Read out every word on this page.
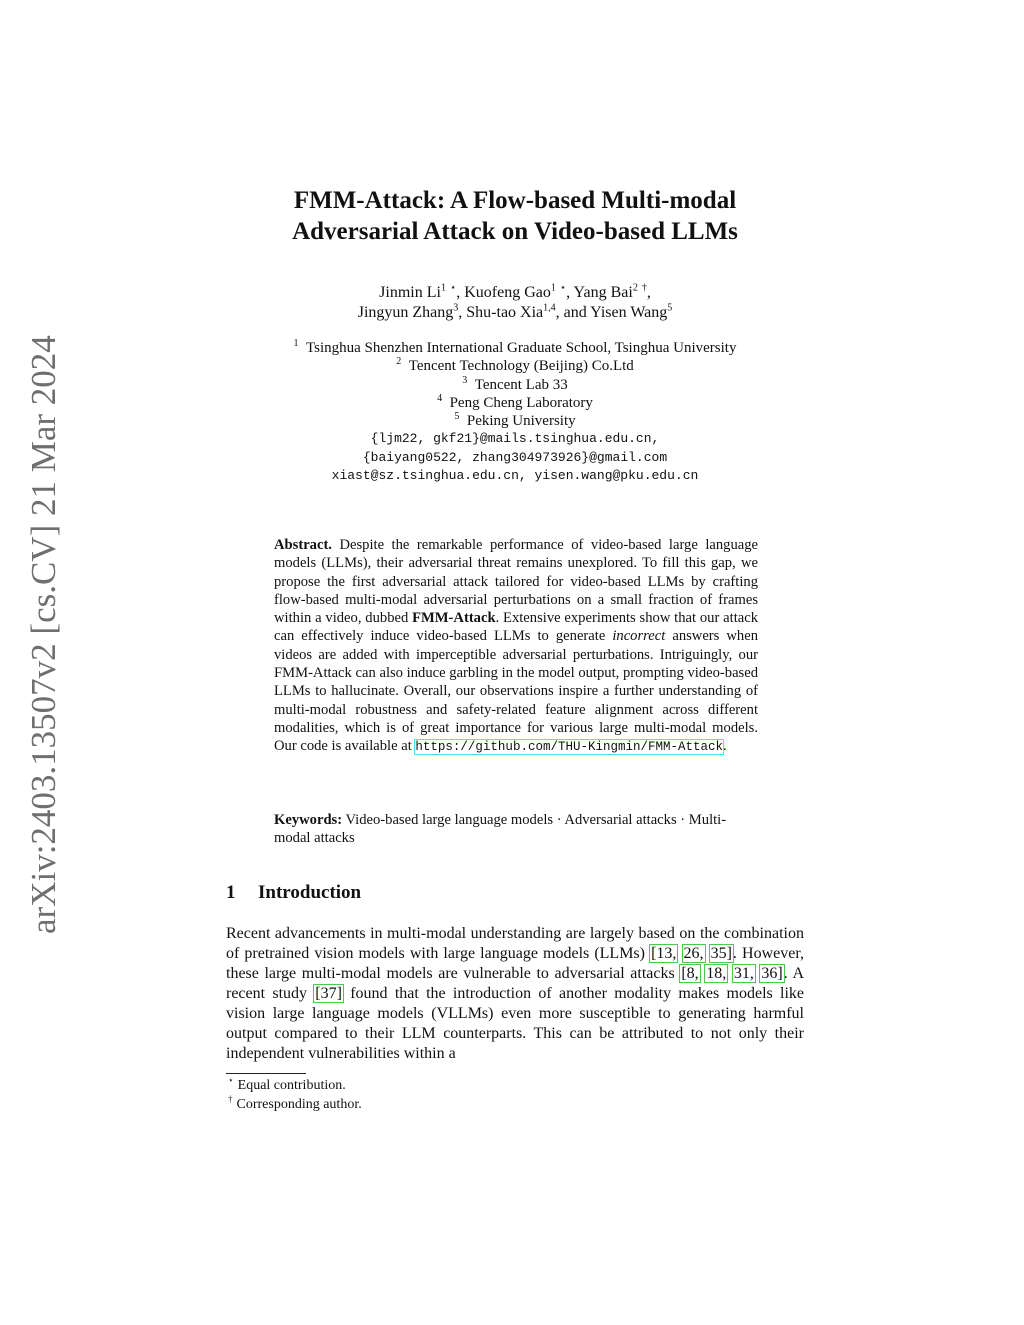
arXiv:2403.13507v2 [cs.CV] 21 Mar 2024
FMM-Attack: A Flow-based Multi-modal
Adversarial Attack on Video-based LLMs
Jinmin Li$^1$ ⋆, Kuofeng Gao$^1$ ⋆, Yang Bai$^2$ †,
Jingyun Zhang$^3$, Shu-tao Xia$^{1,4}$, and Yisen Wang$^5$
$^1$ Tsinghua Shenzhen International Graduate School, Tsinghua University
$^2$ Tencent Technology (Beijing) Co.Ltd
$^3$ Tencent Lab 33
$^4$ Peng Cheng Laboratory
$^5$ Peking University
{ljm22, gkf21}@mails.tsinghua.edu.cn,
{baiyang0522, zhang304973926}@gmail.com
xiast@sz.tsinghua.edu.cn, yisen.wang@pku.edu.cn

Abstract. Despite the remarkable performance of video-based large language models (LLMs), their adversarial threat remains unexplored. To fill this gap, we propose the first adversarial attack tailored for video-based LLMs by crafting flow-based multi-modal adversarial perturbations on a small fraction of frames within a video, dubbed FMM-Attack. Extensive experiments show that our attack can effectively induce video-based LLMs to generate incorrect answers when videos are added with imperceptible adversarial perturbations. Intriguingly, our FMM-Attack can also induce garbling in the model output, prompting video-based LLMs to hallucinate. Overall, our observations inspire a further understanding of multi-modal robustness and safety-related feature alignment across different modalities, which is of great importance for various large multi-modal models. Our code is available at https://github.com/THU-Kingmin/FMM-Attack.

Keywords: Video-based large language models · Adversarial attacks · Multi-modal attacks
1 Introduction

Recent advancements in multi-modal understanding are largely based on the combination of pretrained vision models with large language models (LLMs) [13, 26, 35]. However, these large multi-modal models are vulnerable to adversarial attacks [8, 18, 31, 36]. A recent study [37] found that the introduction of another modality makes models like vision large language models (VLLMs) even more susceptible to generating harmful output compared to their LLM counterparts. This can be attributed to not only their independent vulnerabilities within a

⋆ Equal contribution.

† Corresponding author.
